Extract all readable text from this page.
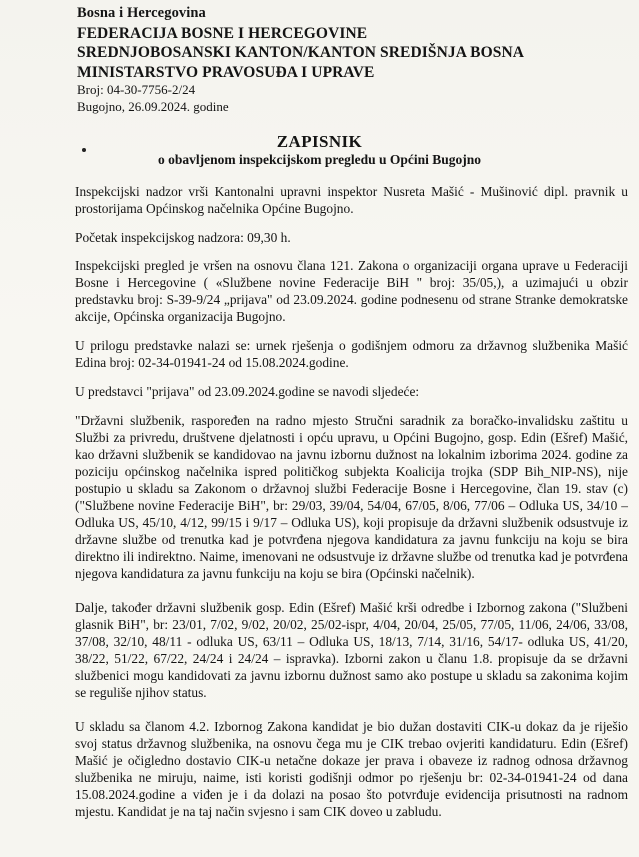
Bosna i Hercegovina
FEDERACIJA BOSNE I HERCEGOVINE
SREDNJOBOSANSKI KANTON/KANTON SREDIŠNJA BOSNA
MINISTARSTVO PRAVOSUĐA I UPRAVE
Broj: 04-30-7756-2/24
Bugojno, 26.09.2024. godine
ZAPISNIK
o obavljenom inspekcijskom pregledu u Općini Bugojno

Inspekcijski nadzor vrši Kantonalni upravni inspektor Nusreta Mašić - Mušinović dipl. pravnik u prostorijama Općinskog načelnika Općine Bugojno.

Početak inspekcijskog nadzora: 09,30 h.

Inspekcijski pregled je vršen na osnovu člana 121. Zakona o organizaciji organa uprave u Federaciji Bosne i Hercegovine ( «Službene novine Federacije BiH " broj: 35/05,), a uzimajući u obzir predstavku broj: S-39-9/24 „prijava" od 23.09.2024. godine podnesenu od strane Stranke demokratske akcije, Općinska organizacija Bugojno.

U prilogu predstavke nalazi se: urnek rješenja o godišnjem odmoru za državnog službenika Mašić Edina broj: 02-34-01941-24 od 15.08.2024.godine.

U predstavci "prijava" od 23.09.2024.godine se navodi sljedeće:

"Državni službenik, raspoređen na radno mjesto Stručni saradnik za boračko-invalidsku zaštitu u Službi za privredu, društvene djelatnosti i opću upravu, u Općini Bugojno, gosp. Edin (Ešref) Mašić, kao državni službenik se kandidovao na javnu izbornu dužnost na lokalnim izborima 2024. godine za poziciju općinskog načelnika ispred političkog subjekta Koalicija trojka (SDP Bih_NIP-NS), nije postupio u skladu sa Zakonom o državnoj službi Federacije Bosne i Hercegovine, član 19. stav (c) ("Službene novine Federacije BiH", br: 29/03, 39/04, 54/04, 67/05, 8/06, 77/06 – Odluka US, 34/10 – Odluka US, 45/10, 4/12, 99/15 i 9/17 – Odluka US), koji propisuje da državni službenik odsustvuje iz državne službe od trenutka kad je potvrđena njegova kandidatura za javnu funkciju na koju se bira direktno ili indirektno. Naime, imenovani ne odsustvuje iz državne službe od trenutka kad je potvrđena njegova kandidatura za javnu funkciju na koju se bira (Općinski načelnik).

Dalje, također državni službenik gosp. Edin (Ešref) Mašić krši odredbe i Izbornog zakona ("Službeni glasnik BiH", br: 23/01, 7/02, 9/02, 20/02, 25/02-ispr, 4/04, 20/04, 25/05, 77/05, 11/06, 24/06, 33/08, 37/08, 32/10, 48/11 - odluka US, 63/11 – Odluka US, 18/13, 7/14, 31/16, 54/17- odluka US, 41/20, 38/22, 51/22, 67/22, 24/24 i 24/24 – ispravka). Izborni zakon u članu 1.8. propisuje da se državni službenici mogu kandidovati za javnu izbornu dužnost samo ako postupe u skladu sa zakonima kojim se reguliše njihov status.

U skladu sa članom 4.2. Izbornog Zakona kandidat je bio dužan dostaviti CIK-u dokaz da je riješio svoj status državnog službenika, na osnovu čega mu je CIK trebao ovjeriti kandidaturu. Edin (Ešref) Mašić je očigledno dostavio CIK-u netačne dokaze jer prava i obaveze iz radnog odnosa državnog službenika ne miruju, naime, isti koristi godišnji odmor po rješenju br: 02-34-01941-24 od dana 15.08.2024.godine a viđen je i da dolazi na posao što potvrđuje evidencija prisutnosti na radnom mjestu. Kandidat je na taj način svjesno i sam CIK doveo u zabludu.
